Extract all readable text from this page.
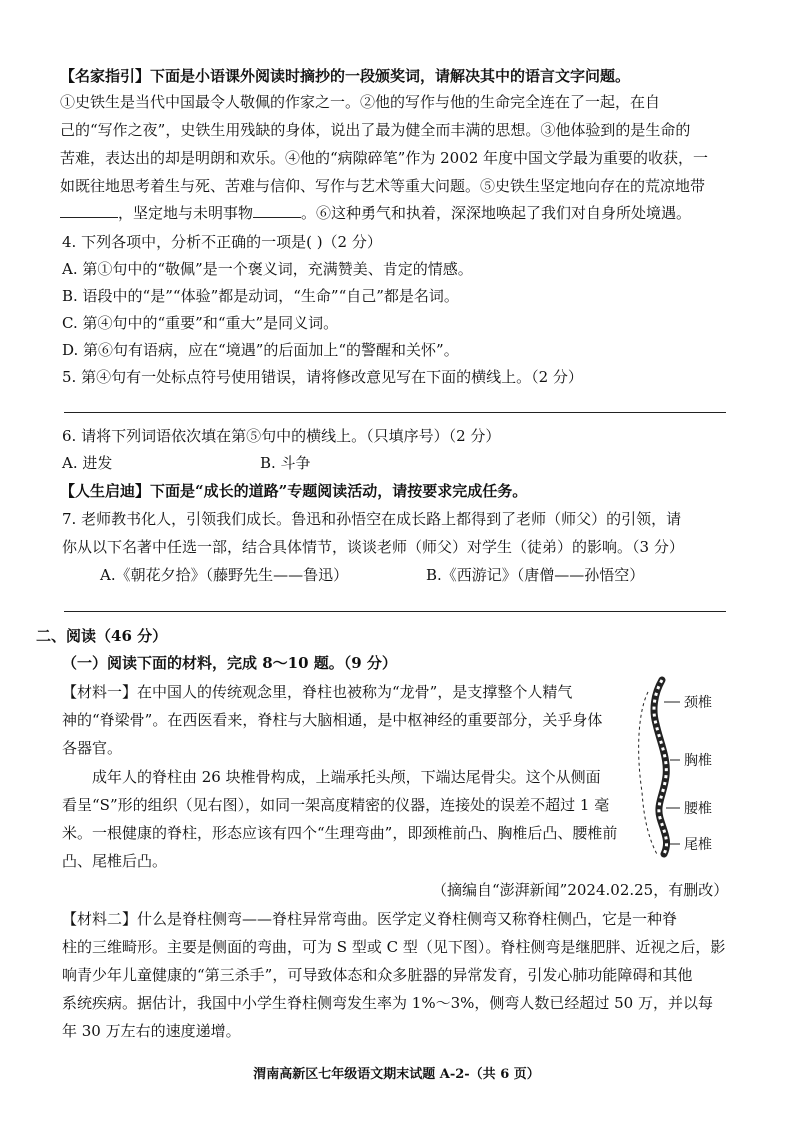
【名家指引】下面是小语课外阅读时摘抄的一段颁奖词，请解决其中的语言文字问题。
①史铁生是当代中国最令人敬佩的作家之一。②他的写作与他的生命完全连在了一起，在自
己的“写作之夜”，史铁生用残缺的身体，说出了最为健全而丰满的思想。③他体验到的是生命的
苦难，表达出的却是明朗和欢乐。④他的“病隙碎笔”作为 2002 年度中国文学最为重要的收获，一
如既往地思考着生与死、苦难与信仰、写作与艺术等重大问题。⑤史铁生坚定地向存在的荒凉地带
，坚定地与未明事物	。⑥这种勇气和执着，深深地唤起了我们对自身所处境遇。
4. 下列各项中，分析不正确的一项是( )（2 分）
A. 第①句中的“敬佩”是一个褒义词，充满赞美、肯定的情感。
B. 语段中的“是”“体验”都是动词，“生命”“自己”都是名词。
C. 第④句中的“重要”和“重大”是同义词。
D. 第⑥句有语病，应在“境遇”的后面加上“的警醒和关怀”。
5. 第④句有一处标点符号使用错误，请将修改意见写在下面的横线上。（2 分）
6. 请将下列词语依次填在第⑤句中的横线上。（只填序号）（2 分）
A. 进发	B. 斗争
【人生启迪】下面是“成长的道路”专题阅读活动，请按要求完成任务。
7. 老师教书化人，引领我们成长。鲁迅和孙悟空在成长路上都得到了老师（师父）的引领，请
你从以下名著中任选一部，结合具体情节，谈谈老师（师父）对学生（徒弟）的影响。（3 分）
A.《朝花夕拾》（藤野先生——鲁迅）	B.《西游记》（唐僧——孙悟空）
二、阅读（46 分）
（一）阅读下面的材料，完成 8～10 题。（9 分）
【材料一】在中国人的传统观念里，脊柱也被称为“龙骨”，是支撑整个人精气
神的“脊梁骨”。在西医看来，脊柱与大脑相通，是中枢神经的重要部分，关乎身体
各器官。
成年人的脊柱由 26 块椎骨构成，上端承托头颅，下端达尾骨尖。这个从侧面
看呈“S”形的组织（见右图），如同一架高度精密的仪器，连接处的误差不超过 1 毫
米。一根健康的脊柱，形态应该有四个“生理弯曲”，即颈椎前凸、胸椎后凸、腰椎前
凸、尾椎后凸。
颈椎
胸椎
腰椎
尾椎
（摘编自“澎湃新闻”2024.02.25，有删改）
【材料二】什么是脊柱侧弯——脊柱异常弯曲。医学定义脊柱侧弯又称脊柱侧凸，它是一种脊
柱的三维畸形。主要是侧面的弯曲，可为 S 型或 C 型（见下图）。脊柱侧弯是继肥胖、近视之后，影
响青少年儿童健康的“第三杀手”，可导致体态和众多脏器的异常发育，引发心肺功能障碍和其他
系统疾病。据估计，我国中小学生脊柱侧弯发生率为 1%～3%，侧弯人数已经超过 50 万，并以每
年 30 万左右的速度递增。
渭南高新区七年级语文期末试题 A-2-（共 6 页）
